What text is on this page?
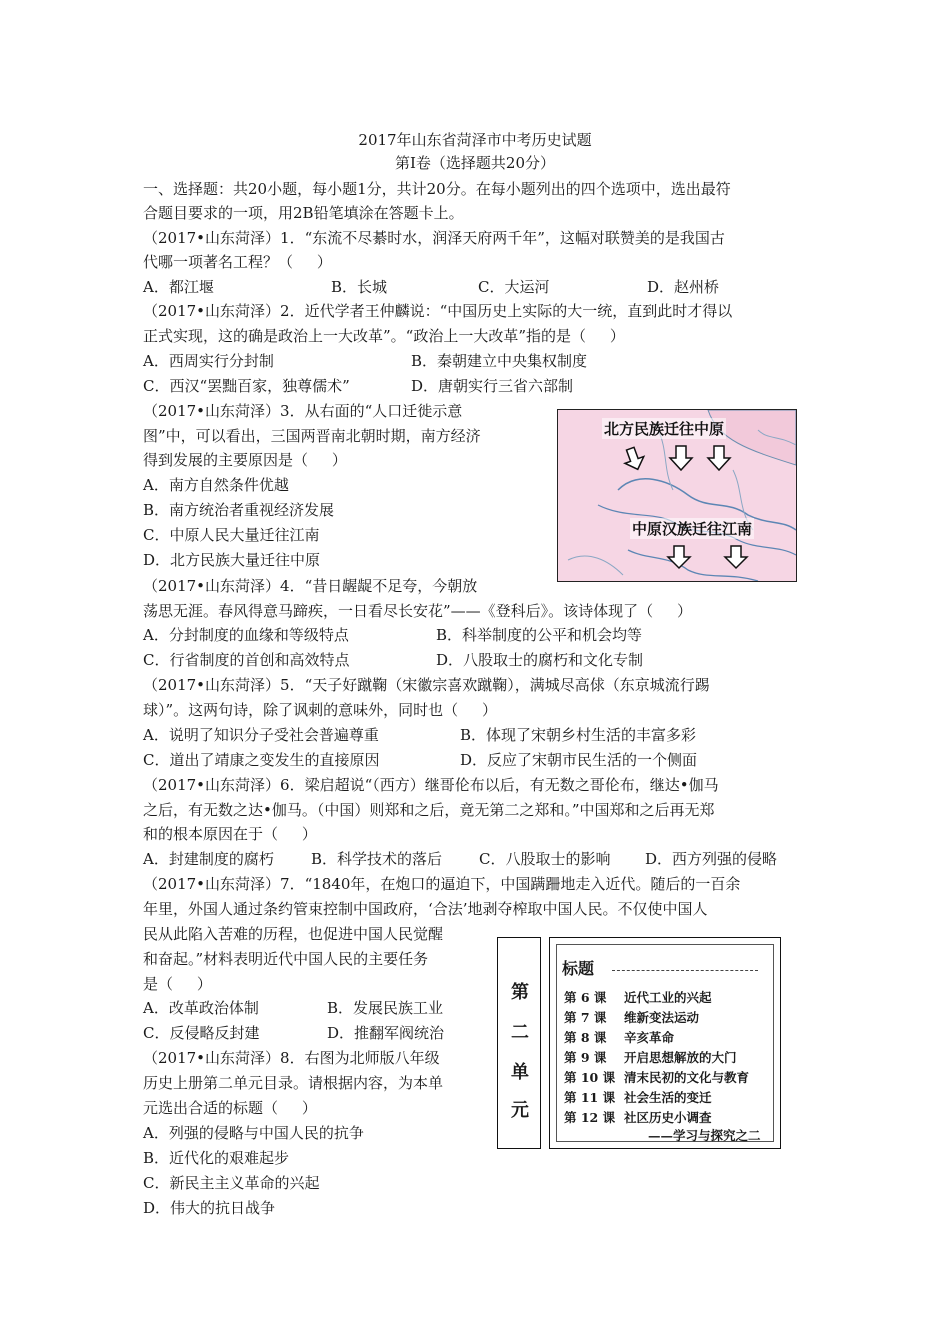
2017年山东省菏泽市中考历史试题
第Ⅰ卷（选择题共20分）
一、选择题：共20小题，每小题1分，共计20分。在每小题列出的四个选项中，选出最符
合题目要求的一项，用2B铅笔填涂在答题卡上。
（2017•山东菏泽）1．“东流不尽綦时水，润泽天府两千年”，这幅对联赞美的是我国古
代哪一项著名工程？（     ）
A．都江堰	B．长城	C．大运河	D．赵州桥
（2017•山东菏泽）2．近代学者王仲麟说：“中国历史上实际的大一统，直到此时才得以
正式实现，这的确是政治上一大改革”。“政治上一大改革”指的是（     ）
A．西周实行分封制	B．秦朝建立中央集权制度
C．西汉“罢黜百家，独尊儒术”	D．唐朝实行三省六部制
（2017•山东菏泽）3．从右面的“人口迁徙示意
图”中，可以看出，三国两晋南北朝时期，南方经济
得到发展的主要原因是（     ）
A．南方自然条件优越
B．南方统治者重视经济发展
C．中原人民大量迁往江南
D．北方民族大量迁往中原
北方民族迁往中原
中原汉族迁往江南
（2017•山东菏泽）4．“昔日龌龊不足夸，今朝放
荡思无涯。春风得意马蹄疾，一日看尽长安花”——《登科后》。该诗体现了（     ）
A．分封制度的血缘和等级特点	B．科举制度的公平和机会均等
C．行省制度的首创和高效特点	D．八股取士的腐朽和文化专制
（2017•山东菏泽）5．“天子好蹴鞠（宋徽宗喜欢蹴鞠），满城尽高俅（东京城流行踢
球）”。这两句诗，除了讽刺的意味外，同时也（     ）
A．说明了知识分子受社会普遍尊重	B．体现了宋朝乡村生活的丰富多彩
C．道出了靖康之变发生的直接原因	D．反应了宋朝市民生活的一个侧面
（2017•山东菏泽）6．梁启超说“（西方）继哥伦布以后，有无数之哥伦布，继达•伽马
之后，有无数之达•伽马。（中国）则郑和之后，竟无第二之郑和。”中国郑和之后再无郑
和的根本原因在于（     ）
A．封建制度的腐朽 B．科学技术的落后 C．八股取士的影响 D．西方列强的侵略
（2017•山东菏泽）7．“1840年，在炮口的逼迫下，中国蹒跚地走入近代。随后的一百余
年里，外国人通过条约管束控制中国政府，‘合法’地剥夺榨取中国人民。不仅使中国人
民从此陷入苦难的历程，也促进中国人民觉醒
和奋起。”材料表明近代中国人民的主要任务
是（     ）
A．改革政治体制	B．发展民族工业
C．反侵略反封建	D．推翻军阀统治
（2017•山东菏泽）8．右图为北师版八年级
历史上册第二单元目录。请根据内容，为本单
元选出合适的标题（     ）
A．列强的侵略与中国人民的抗争
B．近代化的艰难起步
C．新民主主义革命的兴起
D．伟大的抗日战争
第
二
单
元
标题
第 6 课 近代工业的兴起
第 7 课 维新变法运动
第 8 课 辛亥革命
第 9 课 开启思想解放的大门
第 10 课 清末民初的文化与教育
第 11 课 社会生活的变迁
第 12 课 社区历史小调查
——学习与探究之二
